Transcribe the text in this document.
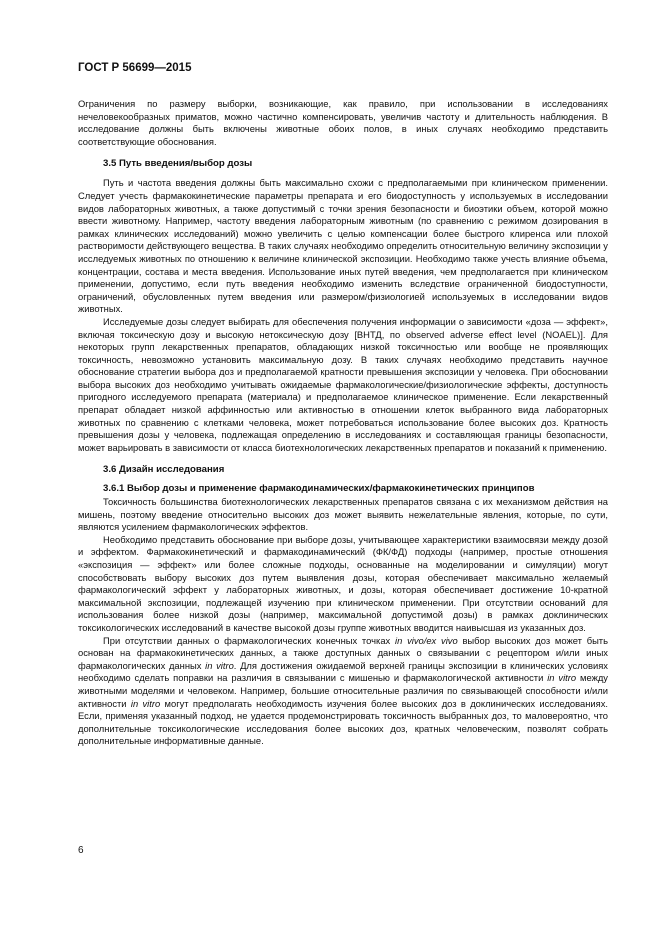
ГОСТ Р 56699—2015

Ограничения по размеру выборки, возникающие, как правило, при использовании в исследованиях нечеловекообразных приматов, можно частично компенсировать, увеличив частоту и длительность наблюдения. В исследование должны быть включены животные обоих полов, в иных случаях необходимо представить соответствующие обоснования.

3.5 Путь введения/выбор дозы

Путь и частота введения должны быть максимально схожи с предполагаемыми при клиническом применении. Следует учесть фармакокинетические параметры препарата и его биодоступность у используемых в исследовании видов лабораторных животных, а также допустимый с точки зрения безопасности и биоэтики объем, которой можно ввести животному. Например, частоту введения лабораторным животным (по сравнению с режимом дозирования в рамках клинических исследований) можно увеличить с целью компенсации более быстрого клиренса или плохой растворимости действующего вещества. В таких случаях необходимо определить относительную величину экспозиции у исследуемых животных по отношению к величине клинической экспозиции. Необходимо также учесть влияние объема, концентрации, состава и места введения. Использование иных путей введения, чем предполагается при клиническом применении, допустимо, если путь введения необходимо изменить вследствие ограниченной биодоступности, ограничений, обусловленных путем введения или размером/физиологией используемых в исследовании видов животных.

Исследуемые дозы следует выбирать для обеспечения получения информации о зависимости «доза — эффект», включая токсическую дозу и высокую нетоксическую дозу [ВНТД, по observed adverse effect level (NOAEL)]. Для некоторых групп лекарственных препаратов, обладающих низкой токсичностью или вообще не проявляющих токсичность, невозможно установить максимальную дозу. В таких случаях необходимо представить научное обоснование стратегии выбора доз и предполагаемой кратности превышения экспозиции у человека. При обосновании выбора высоких доз необходимо учитывать ожидаемые фармакологические/физиологические эффекты, доступность пригодного исследуемого препарата (материала) и предполагаемое клиническое применение. Если лекарственный препарат обладает низкой аффинностью или активностью в отношении клеток выбранного вида лабораторных животных по сравнению с клетками человека, может потребоваться использование более высоких доз. Кратность превышения дозы у человека, подлежащая определению в исследованиях и составляющая границы безопасности, может варьировать в зависимости от класса биотехнологических лекарственных препаратов и показаний к применению.

3.6 Дизайн исследования
3.6.1 Выбор дозы и применение фармакодинамических/фармакокинетических принципов

Токсичность большинства биотехнологических лекарственных препаратов связана с их механизмом действия на мишень, поэтому введение относительно высоких доз может выявить нежелательные явления, которые, по сути, являются усилением фармакологических эффектов.

Необходимо представить обоснование при выборе дозы, учитывающее характеристики взаимосвязи между дозой и эффектом. Фармакокинетический и фармакодинамический (ФК/ФД) подходы (например, простые отношения «экспозиция — эффект» или более сложные подходы, основанные на моделировании и симуляции) могут способствовать выбору высоких доз путем выявления дозы, которая обеспечивает максимально желаемый фармакологический эффект у лабораторных животных, и дозы, которая обеспечивает достижение 10-кратной максимальной экспозиции, подлежащей изучению при клиническом применении. При отсутствии оснований для использования более низкой дозы (например, максимальной допустимой дозы) в рамках доклинических токсикологических исследований в качестве высокой дозы группе животных вводится наивысшая из указанных доз.

При отсутствии данных о фармакологических конечных точках in vivo/ex vivo выбор высоких доз может быть основан на фармакокинетических данных, а также доступных данных о связывании с рецептором и/или иных фармакологических данных in vitro. Для достижения ожидаемой верхней границы экспозиции в клинических условиях необходимо сделать поправки на различия в связывании с мишенью и фармакологической активности in vitro между животными моделями и человеком. Например, большие относительные различия по связывающей способности и/или активности in vitro могут предполагать необходимость изучения более высоких доз в доклинических исследованиях. Если, применяя указанный подход, не удается продемонстрировать токсичность выбранных доз, то маловероятно, что дополнительные токсикологические исследования более высоких доз, кратных человеческим, позволят собрать дополнительные информативные данные.

6
